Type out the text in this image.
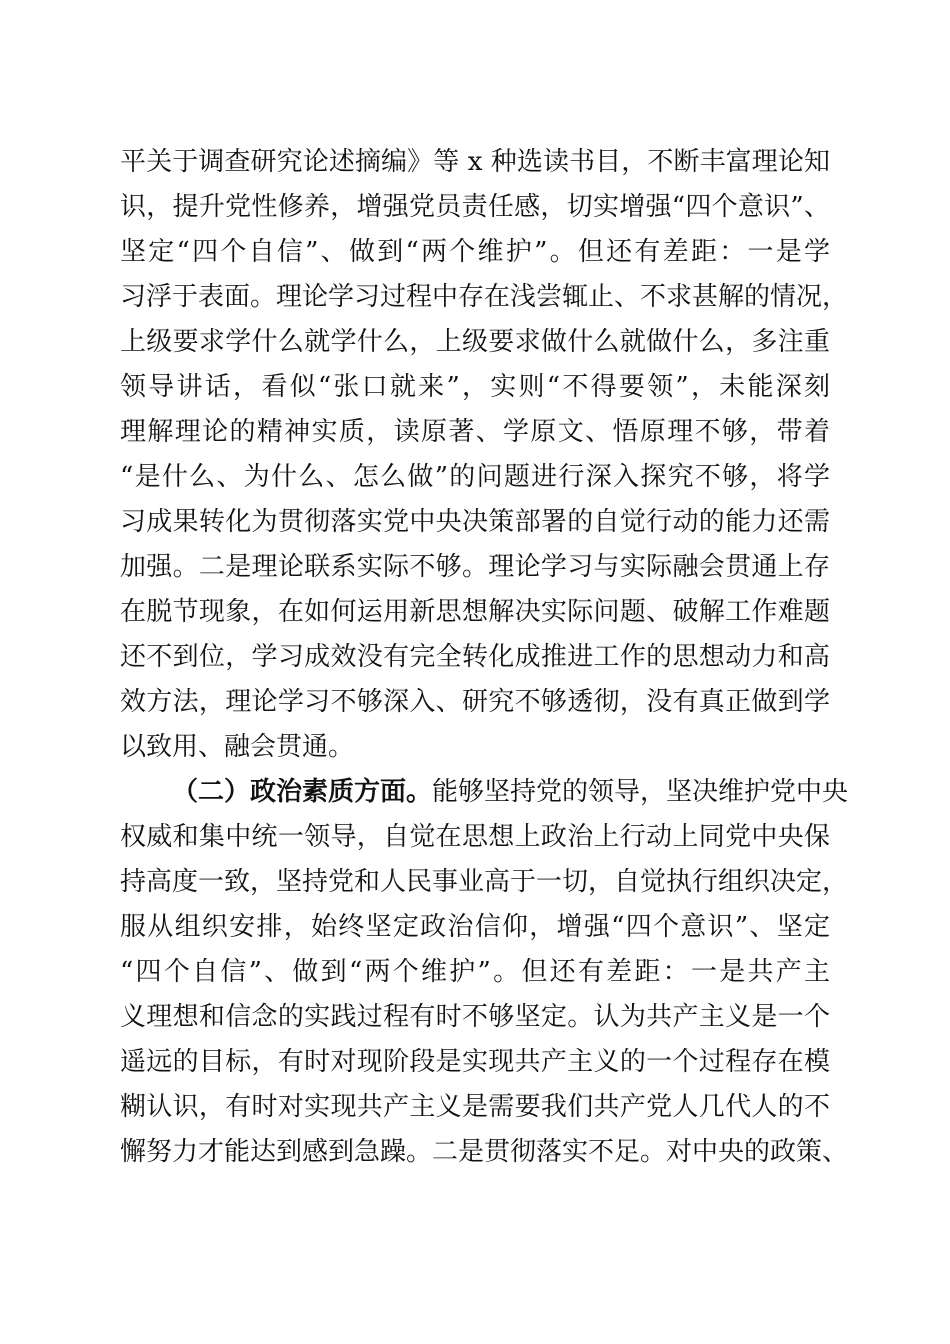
平关于调查研究论述摘编》等 x 种选读书目，不断丰富理论知
识，提升党性修养，增强党员责任感，切实增强“四个意识”、
坚定“四个自信”、做到“两个维护”。但还有差距：一是学
习浮于表面。理论学习过程中存在浅尝辄止、不求甚解的情况，
上级要求学什么就学什么，上级要求做什么就做什么，多注重
领导讲话，看似“张口就来”，实则“不得要领”，未能深刻
理解理论的精神实质，读原著、学原文、悟原理不够，带着
“是什么、为什么、怎么做”的问题进行深入探究不够，将学
习成果转化为贯彻落实党中央决策部署的自觉行动的能力还需
加强。二是理论联系实际不够。理论学习与实际融会贯通上存
在脱节现象，在如何运用新思想解决实际问题、破解工作难题
还不到位，学习成效没有完全转化成推进工作的思想动力和高
效方法，理论学习不够深入、研究不够透彻，没有真正做到学
以致用、融会贯通。
（二）政治素质方面。能够坚持党的领导，坚决维护党中央
权威和集中统一领导，自觉在思想上政治上行动上同党中央保
持高度一致，坚持党和人民事业高于一切，自觉执行组织决定，
服从组织安排，始终坚定政治信仰，增强“四个意识”、坚定
“四个自信”、做到“两个维护”。但还有差距：一是共产主
义理想和信念的实践过程有时不够坚定。认为共产主义是一个
遥远的目标，有时对现阶段是实现共产主义的一个过程存在模
糊认识，有时对实现共产主义是需要我们共产党人几代人的不
懈努力才能达到感到急躁。二是贯彻落实不足。对中央的政策、
